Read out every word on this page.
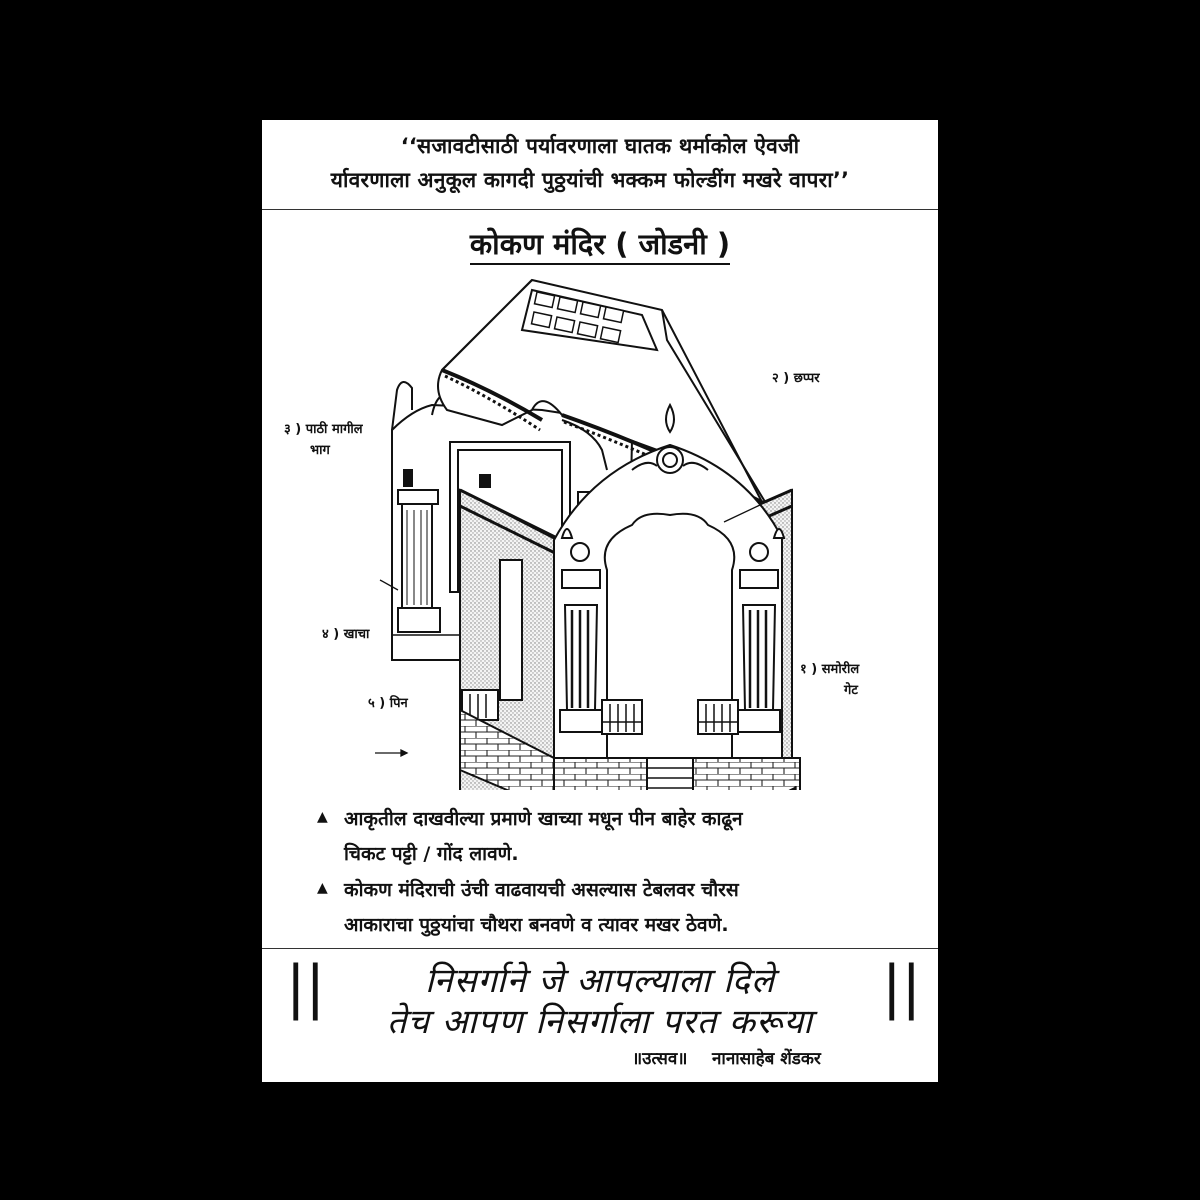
‘‘सजावटीसाठी पर्यावरणाला घातक थर्माकोल ऐवजी
र्यावरणाला अनुकूल कागदी पुठ्ठयांची भक्कम फोल्डींग मखरे वापरा’’
कोकण मंदिर ( जोडनी )
२ ) छप्पर
३ ) पाठी मागील
भाग
४ ) खाचा
५ ) पिन
१ ) समोरील
गेट
▲ आकृतील दाखवील्या प्रमाणे खाच्या मधून पीन बाहेर काढून
चिकट पट्टी / गोंद लावणे.
▲ कोकण मंदिराची उंची वाढवायची असल्यास टेबलवर चौरस
आकाराचा पुठ्ठयांचा चौथरा बनवणे व त्यावर मखर ठेवणे.
||	||
निसर्गाने जे आपल्याला दिले
तेच आपण निसर्गाला परत करूया
॥उत्सव॥ नानासाहेब शेंडकर
